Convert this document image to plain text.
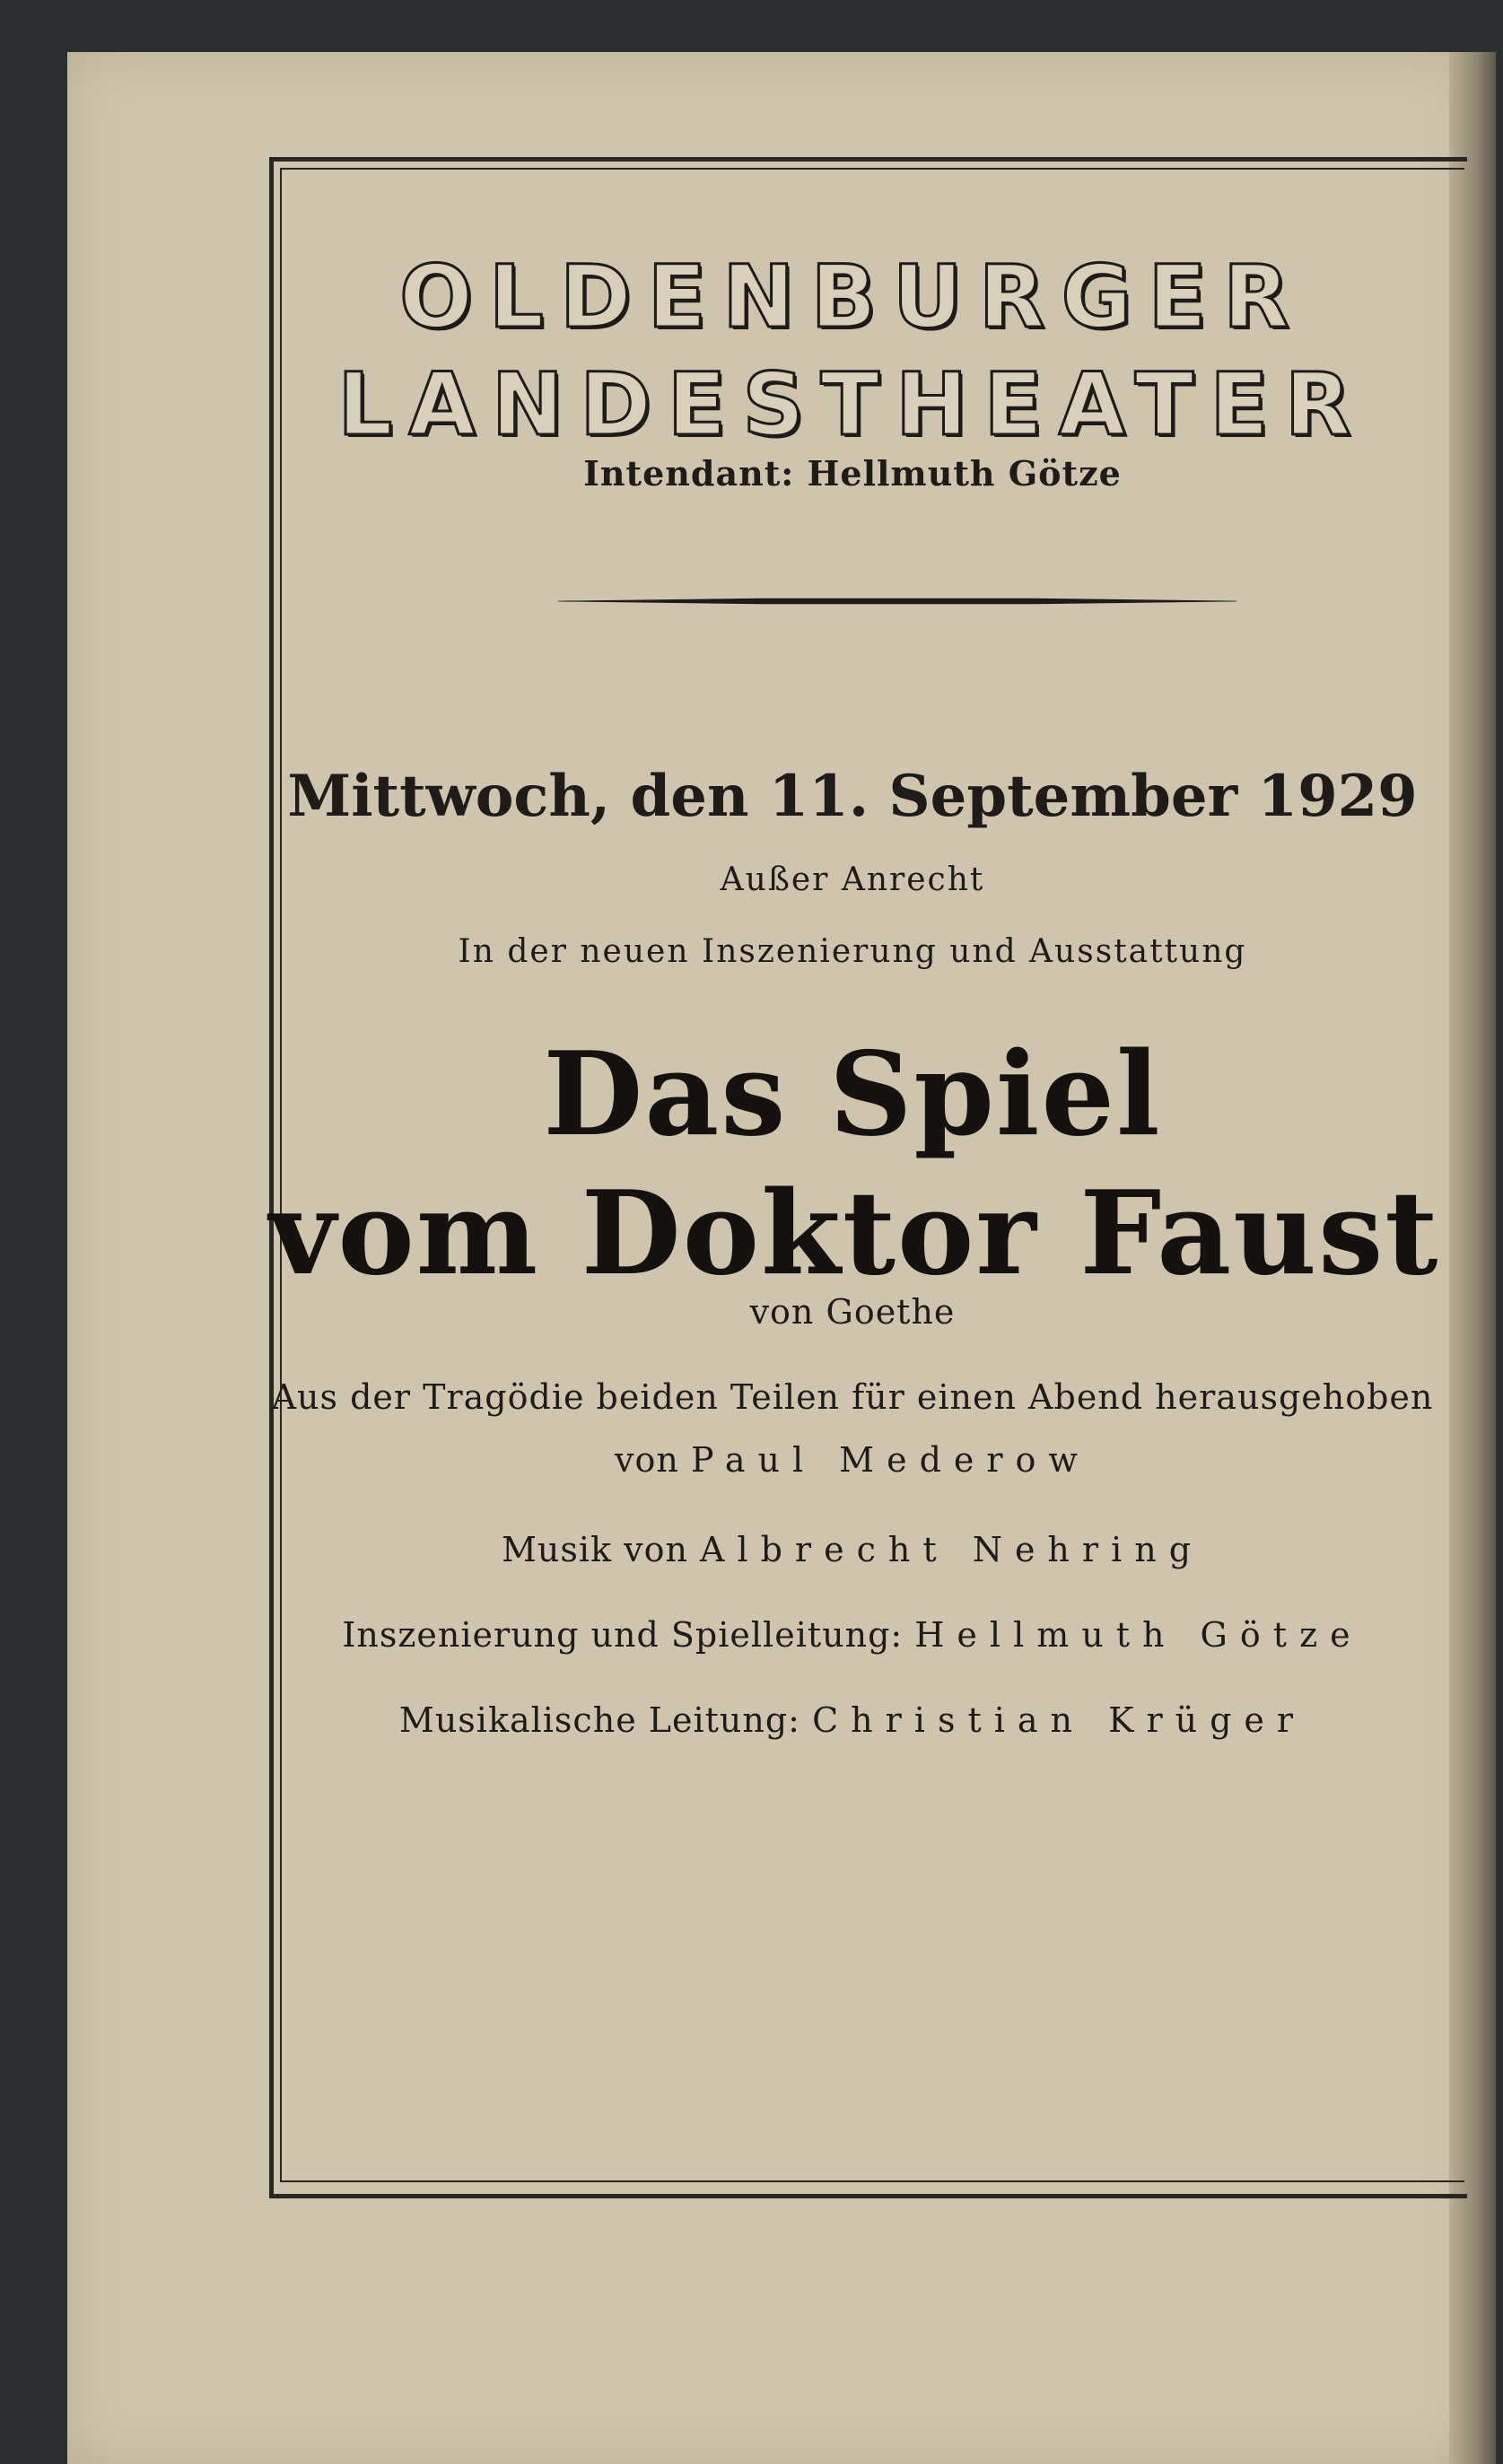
OLDENBURGER
LANDESTHEATER
Intendant: Hellmuth Götze
Mittwoch, den 11. September 1929
Außer Anrecht
In der neuen Inszenierung und Ausstattung
Das Spiel
vom Doktor Faust
von Goethe
Aus der Tragödie beiden Teilen für einen Abend herausgehoben
von Paul Mederow
Musik von Albrecht Nehring
Inszenierung und Spielleitung: Hellmuth Götze
Musikalische Leitung: Christian Krüger
